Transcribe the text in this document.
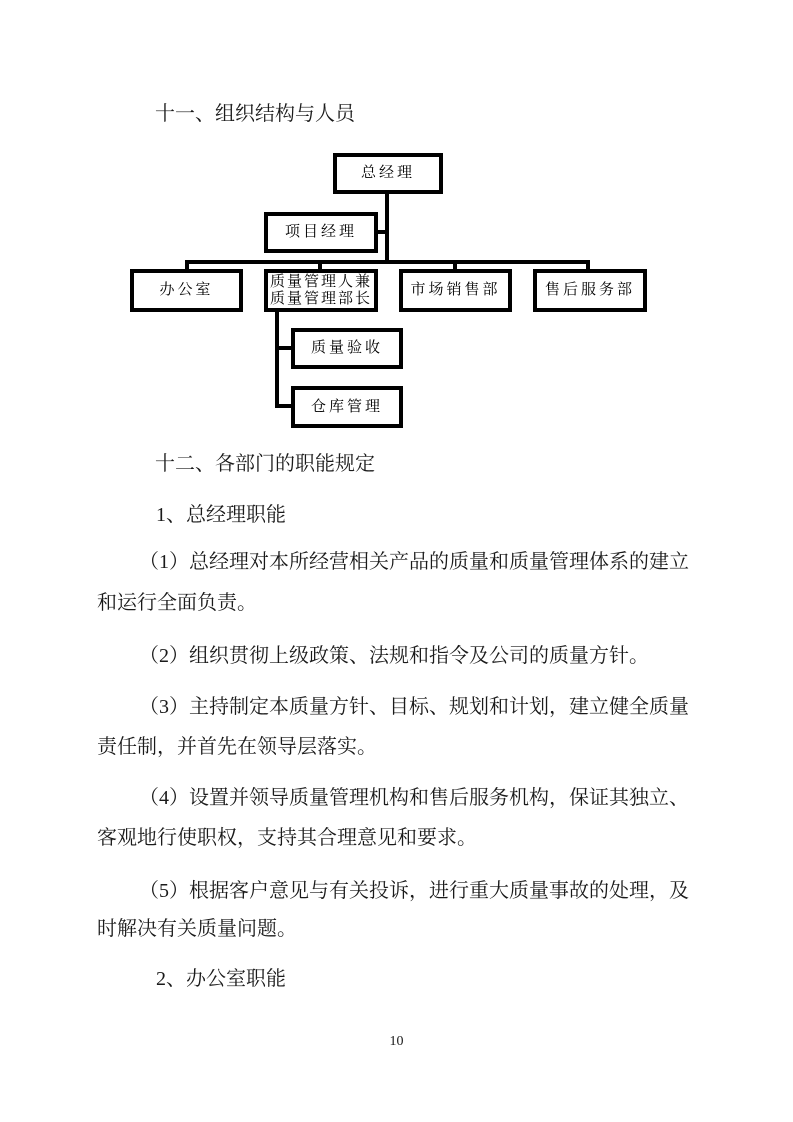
十一、组织结构与人员
总经理
项目经理
办公室
质量管理人兼
质量管理部长
市场销售部	售后服务部
质量验收
仓库管理
十二、各部门的职能规定
1、总经理职能
（1）总经理对本所经营相关产品的质量和质量管理体系的建立
和运行全面负责。
（2）组织贯彻上级政策、法规和指令及公司的质量方针。
（3）主持制定本质量方针、目标、规划和计划，建立健全质量
责任制，并首先在领导层落实。
（4）设置并领导质量管理机构和售后服务机构，保证其独立、
客观地行使职权，支持其合理意见和要求。
（5）根据客户意见与有关投诉，进行重大质量事故的处理，及
时解决有关质量问题。
2、办公室职能
10
